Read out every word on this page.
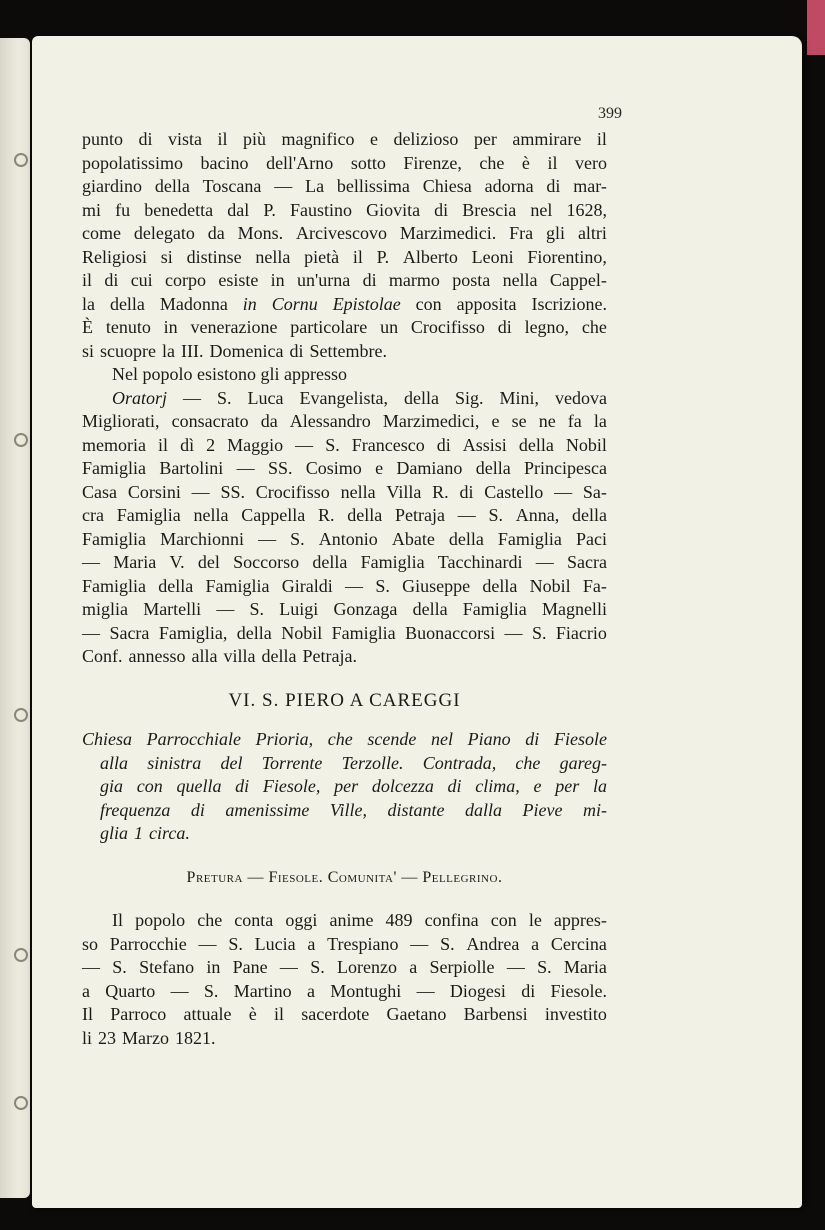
399
punto di vista il più magnifico e delizioso per ammirare il
popolatissimo bacino dell'Arno sotto Firenze, che è il vero
giardino della Toscana — La bellissima Chiesa adorna di mar-
mi fu benedetta dal P. Faustino Giovita di Brescia nel 1628,
come delegato da Mons. Arcivescovo Marzimedici. Fra gli altri
Religiosi si distinse nella pietà il P. Alberto Leoni Fiorentino,
il di cui corpo esiste in un'urna di marmo posta nella Cappel-
la della Madonna in Cornu Epistolae con apposita Iscrizione.
È tenuto in venerazione particolare un Crocifisso di legno, che
si scuopre la III. Domenica di Settembre.
Nel popolo esistono gli appresso
Oratorj — S. Luca Evangelista, della Sig. Mini, vedova
Migliorati, consacrato da Alessandro Marzimedici, e se ne fa la
memoria il dì 2 Maggio — S. Francesco di Assisi della Nobil
Famiglia Bartolini — SS. Cosimo e Damiano della Principesca
Casa Corsini — SS. Crocifisso nella Villa R. di Castello — Sa-
cra Famiglia nella Cappella R. della Petraja — S. Anna, della
Famiglia Marchionni — S. Antonio Abate della Famiglia Paci
— Maria V. del Soccorso della Famiglia Tacchinardi — Sacra
Famiglia della Famiglia Giraldi — S. Giuseppe della Nobil Fa-
miglia Martelli — S. Luigi Gonzaga della Famiglia Magnelli
— Sacra Famiglia, della Nobil Famiglia Buonaccorsi — S. Fiacrio
Conf. annesso alla villa della Petraja.
VI. S. PIERO A CAREGGI
Chiesa Parrocchiale Prioria, che scende nel Piano di Fiesole
alla sinistra del Torrente Terzolle. Contrada, che gareg-
gia con quella di Fiesole, per dolcezza di clima, e per la
frequenza di amenissime Ville, distante dalla Pieve mi-
glia 1 circa.
Pretura — Fiesole. Comunita' — Pellegrino.
Il popolo che conta oggi anime 489 confina con le appres-
so Parrocchie — S. Lucia a Trespiano — S. Andrea a Cercina
— S. Stefano in Pane — S. Lorenzo a Serpiolle — S. Maria
a Quarto — S. Martino a Montughi — Diogesi di Fiesole.
Il Parroco attuale è il sacerdote Gaetano Barbensi investito
li 23 Marzo 1821.
